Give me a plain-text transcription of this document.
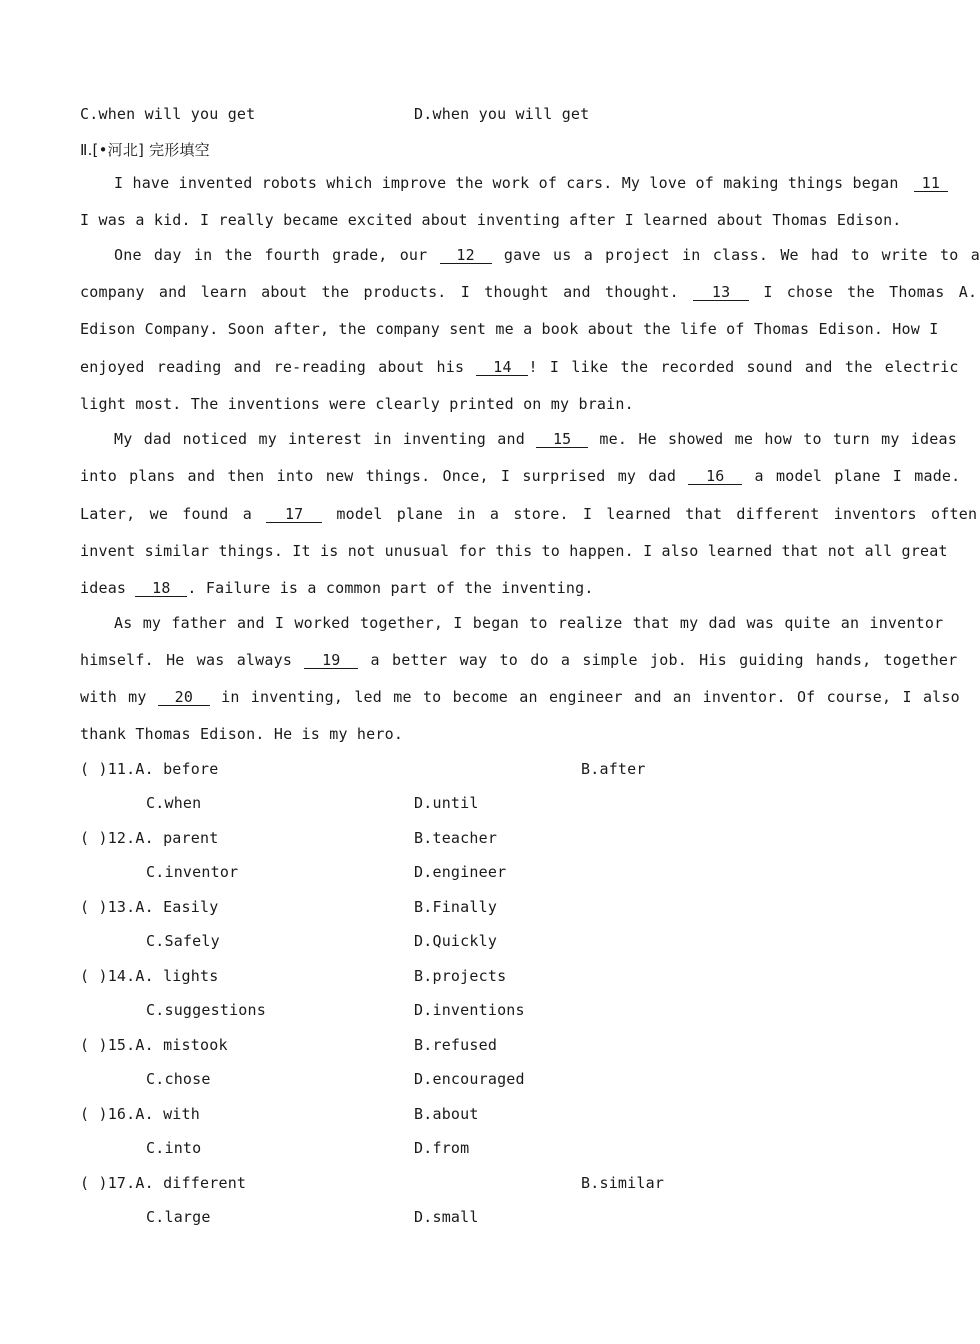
C.when will you get	D.when you will get
Ⅱ.[•河北] 完形填空
I have invented robots which improve the work of cars. My love of making things began 11
I was a kid. I really became excited about inventing after I learned about Thomas Edison.
One day in the fourth grade, our 12 gave us a project in class. We had to write to a
company and learn about the products. I thought and thought. 13 I chose the Thomas A.
Edison Company. Soon after, the company sent me a book about the life of Thomas Edison. How I
enjoyed reading and re-reading about his 14 ! I like the recorded sound and the electric
light most. The inventions were clearly printed on my brain.
My dad noticed my interest in inventing and 15 me. He showed me how to turn my ideas
into plans and then into new things. Once, I surprised my dad 16 a model plane I made.
Later, we found a 17 model plane in a store. I learned that different inventors often
invent similar things. It is not unusual for this to happen. I also learned that not all great
ideas 18 . Failure is a common part of the inventing.
As my father and I worked together, I began to realize that my dad was quite an inventor
himself. He was always 19 a better way to do a simple job. His guiding hands, together
with my 20 in inventing, led me to become an engineer and an inventor. Of course, I also
thank Thomas Edison. He is my hero.
( )11.A. before	B.after
C.when	D.until
( )12.A. parent	B.teacher
C.inventor	D.engineer
( )13.A. Easily	B.Finally
C.Safely	D.Quickly
( )14.A. lights	B.projects
C.suggestions	D.inventions
( )15.A. mistook	B.refused
C.chose	D.encouraged
( )16.A. with	B.about
C.into	D.from
( )17.A. different	B.similar
C.large	D.small
